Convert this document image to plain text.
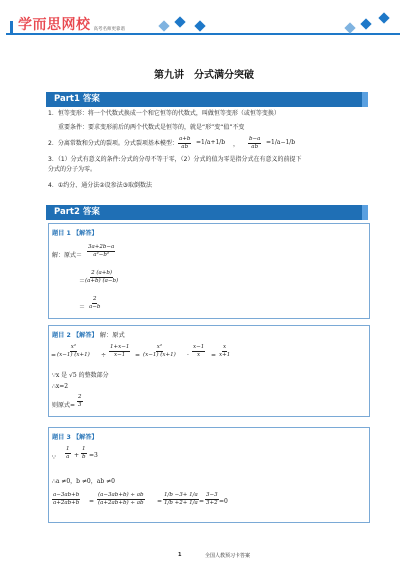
学而思网校 高考名师更靠谱
第九讲　分式满分突破
Part1 答案
1．恒等变形：将一个代数式换成一个和它恒等的代数式，叫做恒等变形（或恒等变换）
重要条件：要求变形前后的两个代数式是恒等的，就是“形”变“值”不变
2．分离常数和分式的裂项。分式裂项基本模型：
3．（1）分式有意义的条件:分式的分母不等于零，（2）分式的值为零是指分式在有意义的前提下
分式的分子为零。
4．①约分、通分法②设参法③取倒数法
$\frac{a+b}{ab} =1/a+1/b$ ， $\frac{b-a}{ab} =1/a-1/b$
Part2 答案
题目 1 【解答】
解：原式＝ $\frac{3a+2b-a}{\text{a²−b²}}$
＝ $\frac{2 (a+b)}{(a+b) (a-b)}$
＝ $\frac{2}{a-b}$
题目 2 【解答】 解：原式
= $\frac{\text{x²}}{(x-1) (x+1)} \div \frac{1+x-1}{x-1} = \frac{\text{x²}}{(x-1) (x+1)} \cdot \frac{x-1}{x} = \frac{x}{x+1}$
∵x 是 √5 的整数部分
∴x=2
则原式= $\frac{2}{3}$
题目 3 【解答】
∵ $\frac{1}{a} + \frac{1}{b} =3$
∴a ≠0，b ≠0，ab ≠0
$\frac{a-3ab+b}{a+2ab+b} = \frac{(a-3ab+b) \div ab}{(a+2ab+b) \div ab} = \frac{1/b -3+ 1/a}{1/b +2+ 1/a} = \frac{3-3}{3+2} =0$
1	全国人教预习卡答案
